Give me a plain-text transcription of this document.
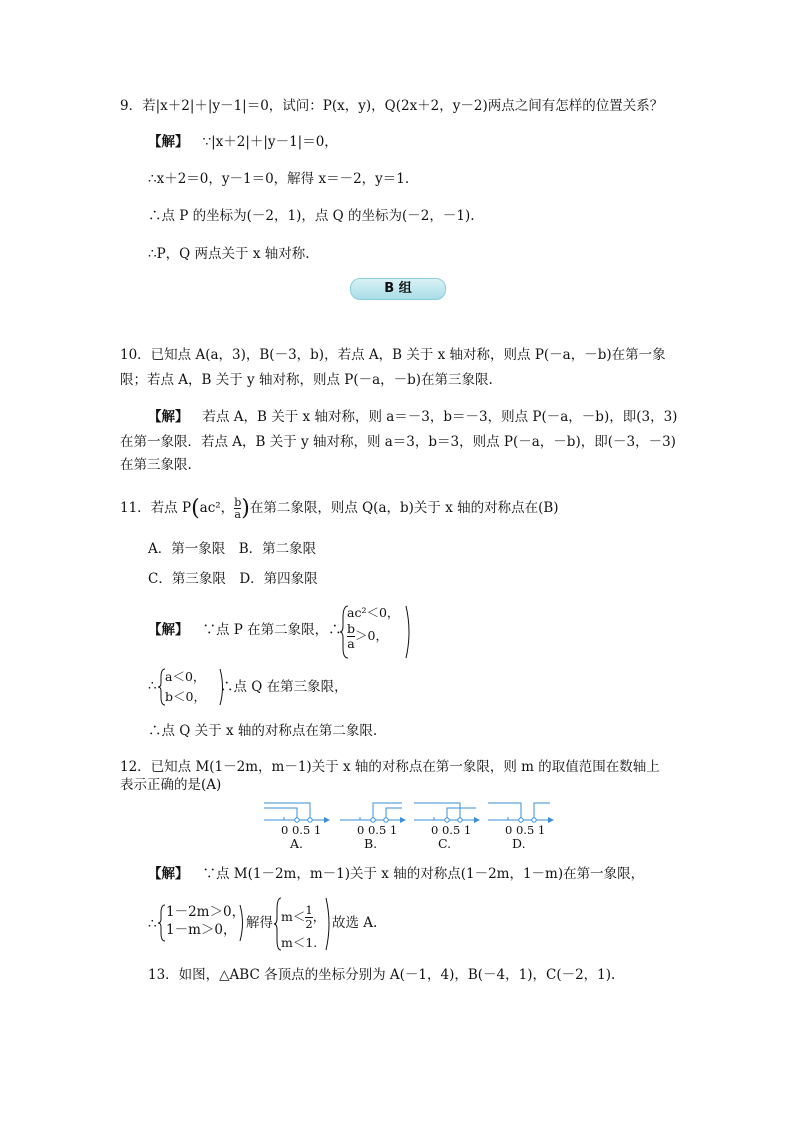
9．若|x＋2|＋|y－1|＝0，试问：P(x，y)，Q(2x＋2，y－2)两点之间有怎样的位置关系？
【解】 ∵|x＋2|＋|y－1|＝0，
∴x＋2＝0，y－1＝0，解得 x＝－2，y＝1.
∴点 P 的坐标为(－2，1)，点 Q 的坐标为(－2，－1).
∴P，Q 两点关于 x 轴对称.
B 组
10．已知点 A(a，3)，B(－3，b)，若点 A，B 关于 x 轴对称，则点 P(－a，－b)在第一象
限；若点 A，B 关于 y 轴对称，则点 P(－a，－b)在第三象限.
【解】 若点 A，B 关于 x 轴对称，则 a＝－3，b＝－3，则点 P(－a，－b)，即(3，3)
在第一象限．若点 A，B 关于 y 轴对称，则 a＝3，b＝3，则点 P(－a，－b)，即(－3，－3)
在第三象限.
11．若点 P(ac²， $\frac{b}{a}$ )在第二象限，则点 Q(a，b)关于 x 轴的对称点在(B)
A．第一象限　B．第二象限
C．第三象限　D．第四象限
【解】 ∵点 P 在第二象限，∴
ac²＜0，
$\frac{b}{a} >0$，
∴
a＜0，
b＜0，
∴点 Q 在第三象限，
∴点 Q 关于 x 轴的对称点在第二象限.
12．已知点 M(1－2m，m－1)关于 x 轴的对称点在第一象限，则 m 的取值范围在数轴上
表示正确的是(A)
0 0.5 1	0 0.5 1	0 0.5 1	0 0.5 1
A.	B.	C.	D.
【解】 ∵点 M(1－2m，m－1)关于 x 轴的对称点(1－2m，1－m)在第一象限，
∴
1－2m＞0，
1－m＞0， 解得 $m< \frac{1}{2}$ ，
m＜1.
故选 A.
13．如图，△ABC 各顶点的坐标分别为 A(－1，4)，B(－4，1)，C(－2，1).
